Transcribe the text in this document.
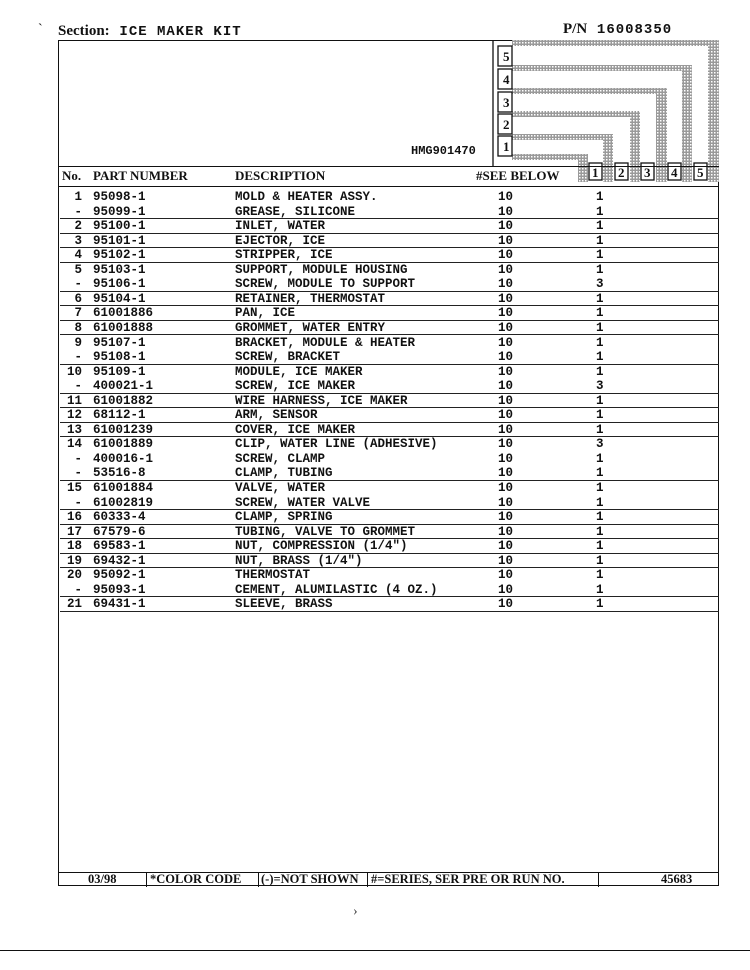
` Section: ICE MAKER KIT	P/N 16008350
5
4
3
2
1
1 2 3 4 5
HMG901470
No. PART NUMBER	DESCRIPTION	#SEE BELOW
1 95098-1	MOLD & HEATER ASSY.	10	1
- 95099-1	GREASE, SILICONE	10	1
2 95100-1	INLET, WATER	10	1
3 95101-1	EJECTOR, ICE	10	1
4 95102-1	STRIPPER, ICE	10	1
5 95103-1	SUPPORT, MODULE HOUSING	10	1
- 95106-1	SCREW, MODULE TO SUPPORT	10	3
6 95104-1	RETAINER, THERMOSTAT	10	1
7 61001886	PAN, ICE	10	1
8 61001888	GROMMET, WATER ENTRY	10	1
9 95107-1	BRACKET, MODULE & HEATER	10	1
- 95108-1	SCREW, BRACKET	10	1
10 95109-1	MODULE, ICE MAKER	10	1
- 400021-1	SCREW, ICE MAKER	10	3
11 61001882	WIRE HARNESS, ICE MAKER	10	1
12 68112-1	ARM, SENSOR	10	1
13 61001239	COVER, ICE MAKER	10	1
14 61001889	CLIP, WATER LINE (ADHESIVE)	10	3
- 400016-1	SCREW, CLAMP	10	1
- 53516-8	CLAMP, TUBING	10	1
15 61001884	VALVE, WATER	10	1
- 61002819	SCREW, WATER VALVE	10	1
16 60333-4	CLAMP, SPRING	10	1
17 67579-6	TUBING, VALVE TO GROMMET	10	1
18 69583-1	NUT, COMPRESSION (1/4")	10	1
19 69432-1	NUT, BRASS (1/4")	10	1
20 95092-1	THERMOSTAT	10	1
- 95093-1	CEMENT, ALUMILASTIC (4 OZ.)	10	1
21 69431-1	SLEEVE, BRASS	10	1
03/98	*COLOR CODE (-)=NOT SHOWN #=SERIES, SER PRE OR RUN NO.	45683
›
